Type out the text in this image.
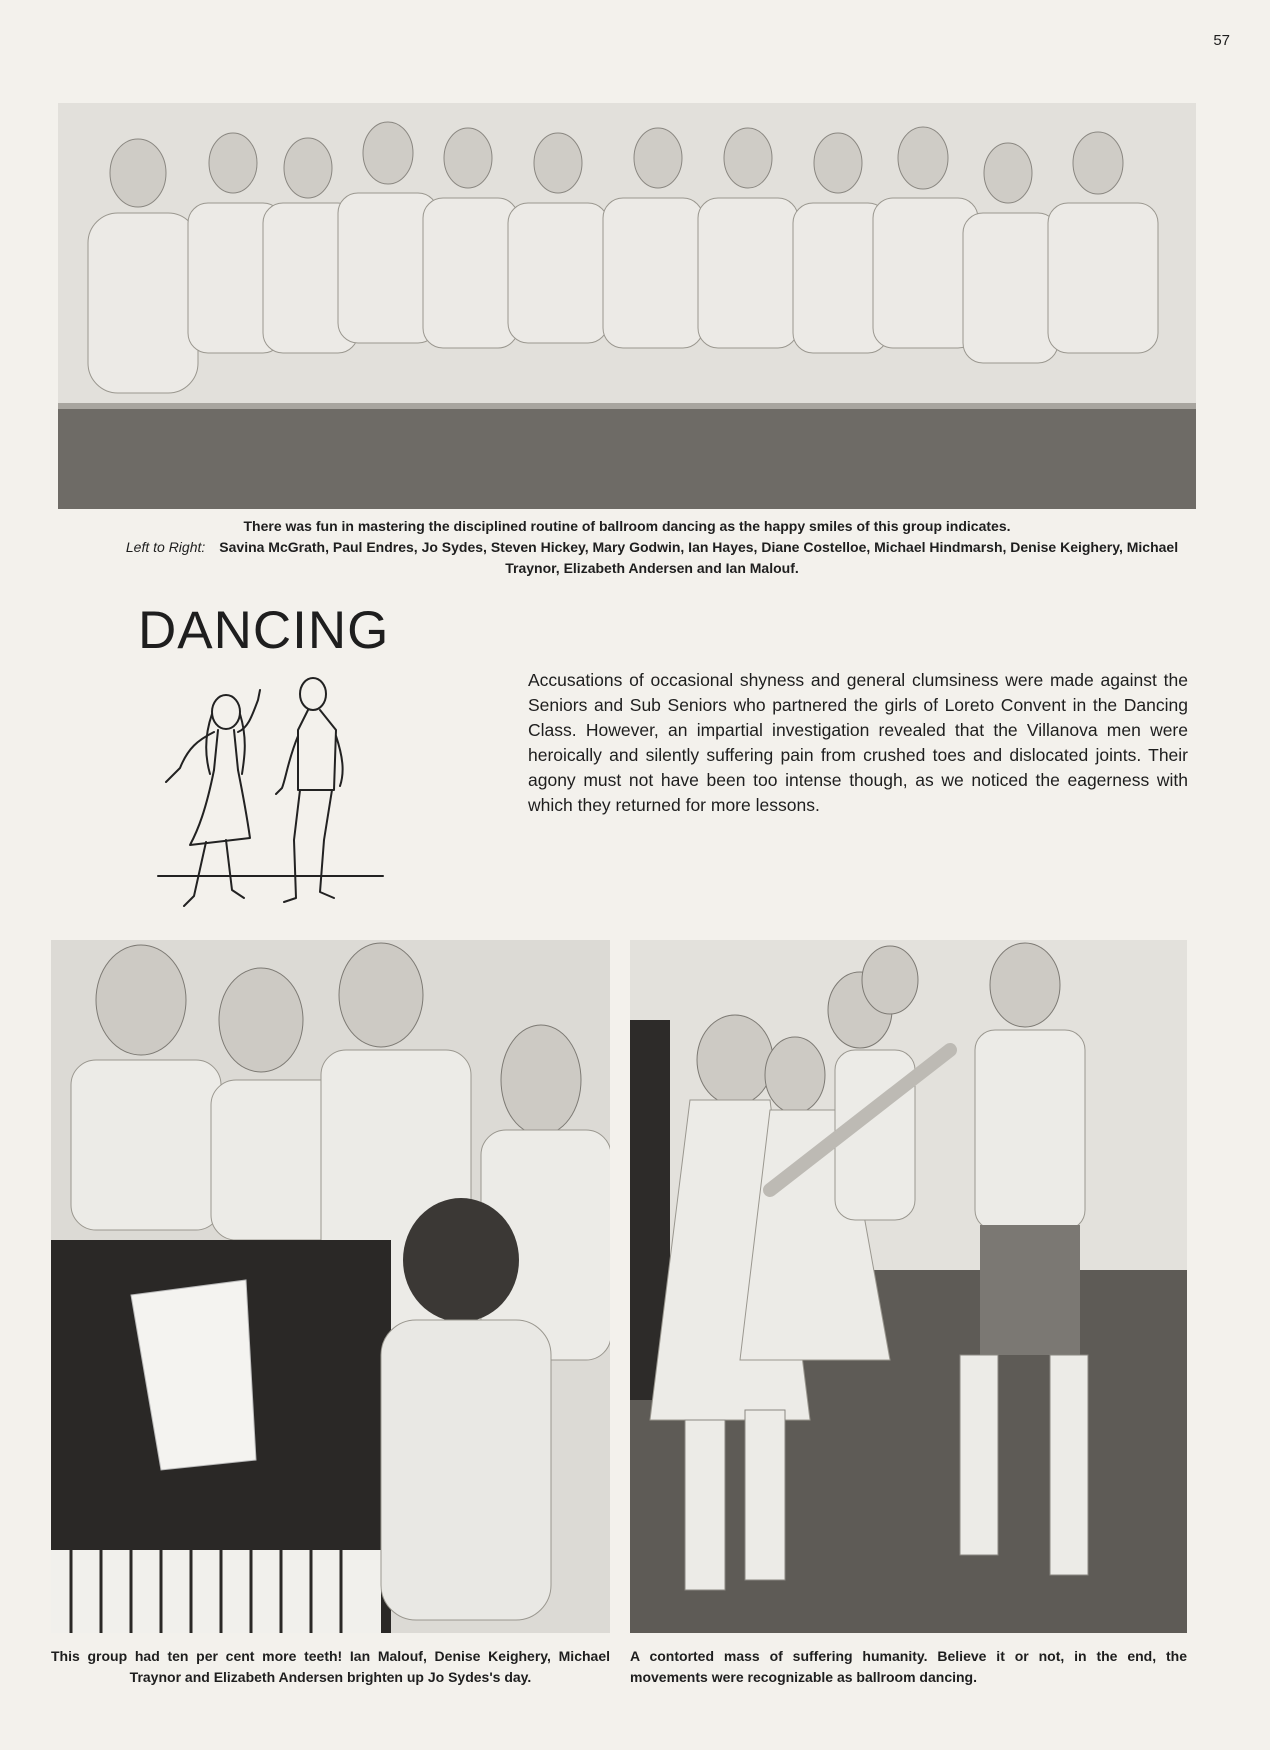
57

There was fun in mastering the disciplined routine of ballroom dancing as the happy smiles of this group indicates.

Left to Right: Savina McGrath, Paul Endres, Jo Sydes, Steven Hickey, Mary Godwin, Ian Hayes, Diane Costelloe, Michael Hindmarsh, Denise Keighery, Michael Traynor, Elizabeth Andersen and Ian Malouf.

DANCING

Accusations of occasional shyness and general clumsiness were made against the Seniors and Sub Seniors who partnered the girls of Loreto Convent in the Dancing Class. However, an impartial investigation revealed that the Villanova men were heroically and silently suffering pain from crushed toes and dislocated joints. Their agony must not have been too intense though, as we noticed the eagerness with which they returned for more lessons.

This group had ten per cent more teeth! Ian Malouf, Denise Keighery, Michael Traynor and Elizabeth Andersen brighten up Jo Sydes's day.

A contorted mass of suffering humanity. Believe it or not, in the end, the movements were recognizable as ballroom dancing.
